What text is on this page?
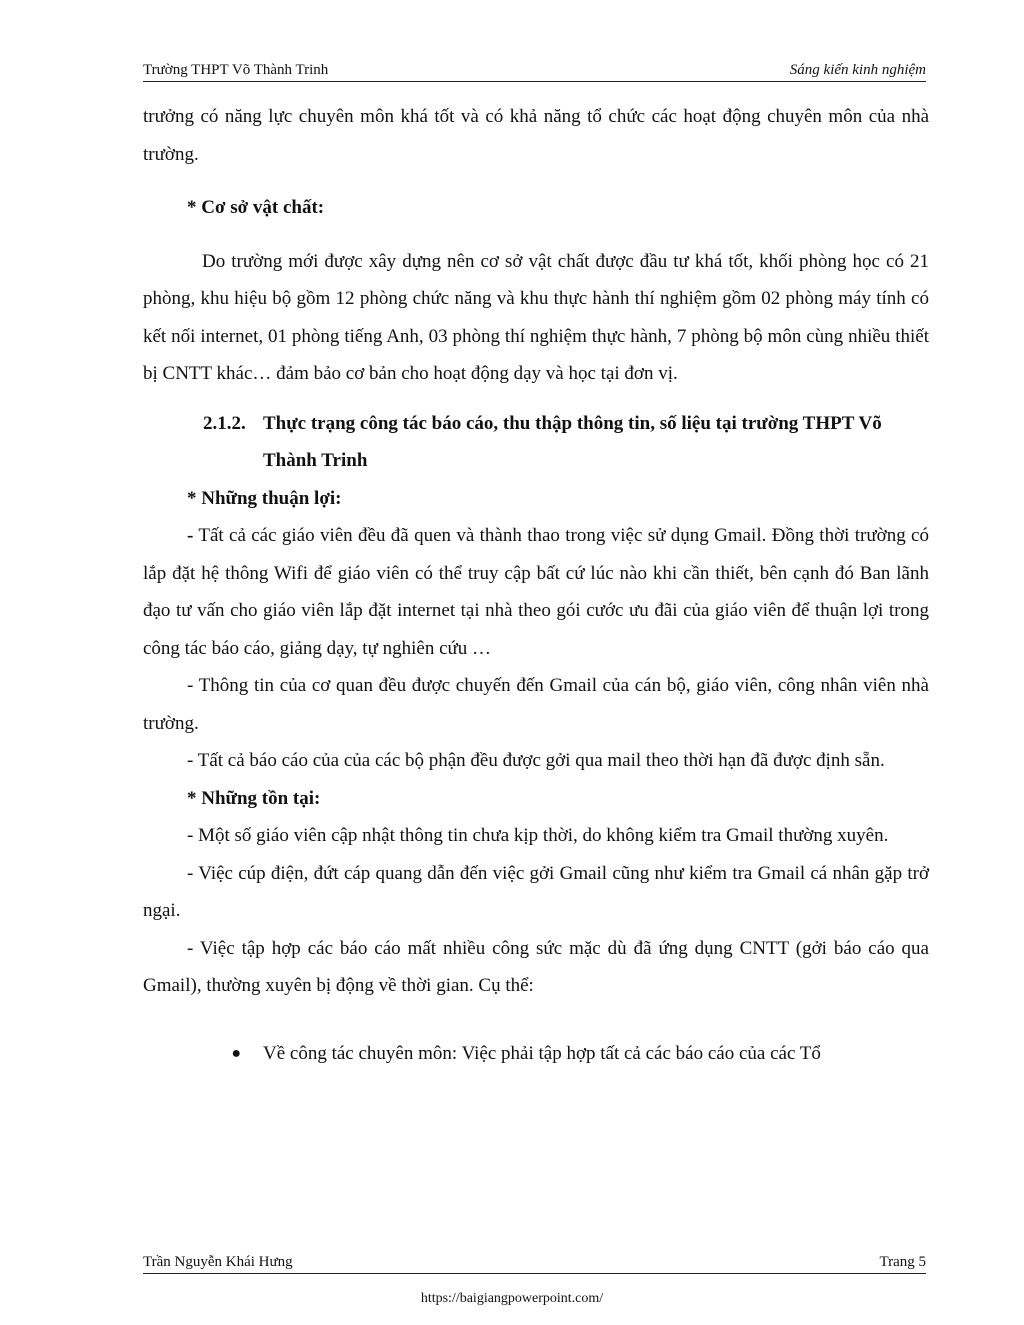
Trường THPT Võ Thành Trinh	Sáng kiến kinh nghiệm

trưởng có năng lực chuyên môn khá tốt và có khả năng tổ chức các hoạt động chuyên môn của nhà trường.

* Cơ sở vật chất:

Do trường mới được xây dựng nên cơ sở vật chất được đầu tư khá tốt, khối phòng học có 21 phòng, khu hiệu bộ gồm 12 phòng chức năng và khu thực hành thí nghiệm gồm 02 phòng máy tính có kết nối internet, 01 phòng tiếng Anh, 03 phòng thí nghiệm thực hành, 7 phòng bộ môn cùng nhiều thiết bị CNTT khác… đảm bảo cơ bản cho hoạt động dạy và học tại đơn vị.

2.1.2. Thực trạng công tác báo cáo, thu thập thông tin, số liệu tại trường THPT Võ Thành Trinh

* Những thuận lợi:

- Tất cả các giáo viên đều đã quen và thành thao trong việc sử dụng Gmail. Đồng thời trường có lắp đặt hệ thông Wifi để giáo viên có thể truy cập bất cứ lúc nào khi cần thiết, bên cạnh đó Ban lãnh đạo tư vấn cho giáo viên lắp đặt internet tại nhà theo gói cước ưu đãi của giáo viên để thuận lợi trong công tác báo cáo, giảng dạy, tự nghiên cứu …

- Thông tin của cơ quan đều được chuyến đến Gmail của cán bộ, giáo viên, công nhân viên nhà trường.

- Tất cả báo cáo của của các bộ phận đều được gởi qua mail theo thời hạn đã được định sẵn.

* Những tồn tại:

- Một số giáo viên cập nhật thông tin chưa kịp thời, do không kiểm tra Gmail thường xuyên.

- Việc cúp điện, đứt cáp quang dẫn đến việc gởi Gmail cũng như kiểm tra Gmail cá nhân gặp trở ngại.

- Việc tập hợp các báo cáo mất nhiều công sức mặc dù đã ứng dụng CNTT (gởi báo cáo qua Gmail), thường xuyên bị động về thời gian. Cụ thể:

●	Về công tác chuyên môn: Việc phải tập hợp tất cả các báo cáo của các Tổ
Trần Nguyễn Khái Hưng	Trang 5
https://baigiangpowerpoint.com/
